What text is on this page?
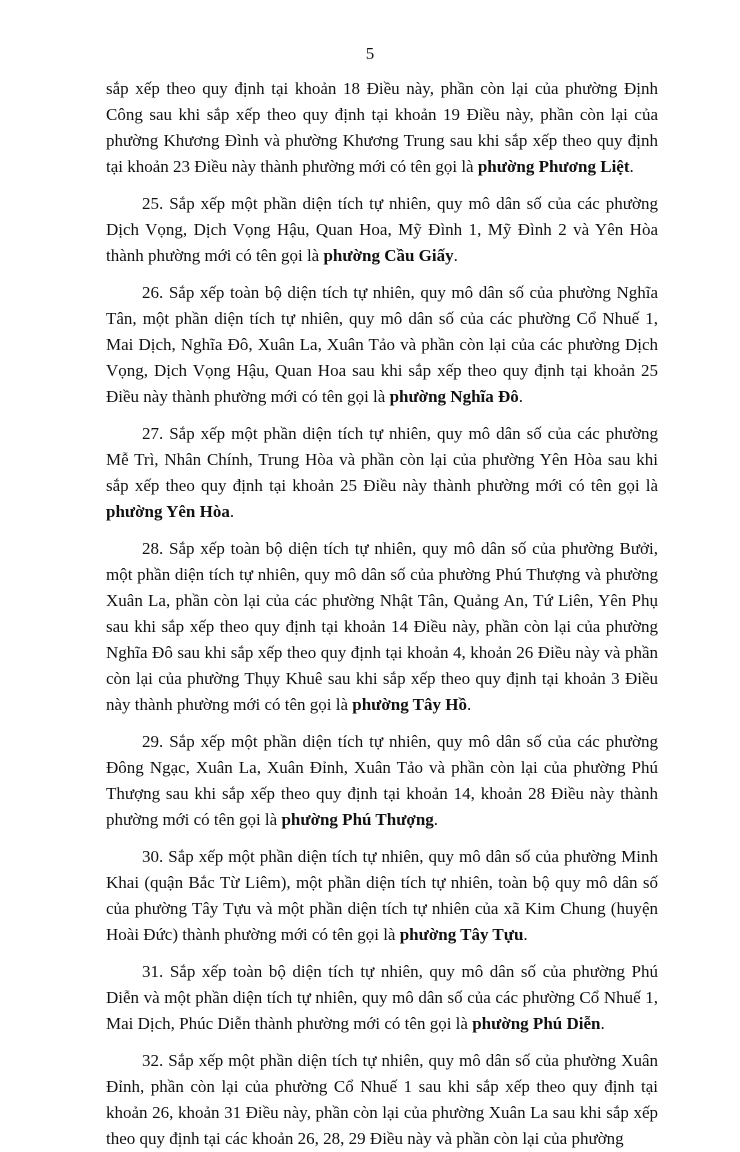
5

sắp xếp theo quy định tại khoản 18 Điều này, phần còn lại của phường Định Công sau khi sắp xếp theo quy định tại khoản 19 Điều này, phần còn lại của phường Khương Đình và phường Khương Trung sau khi sắp xếp theo quy định tại khoản 23 Điều này thành phường mới có tên gọi là phường Phương Liệt.

25. Sắp xếp một phần diện tích tự nhiên, quy mô dân số của các phường Dịch Vọng, Dịch Vọng Hậu, Quan Hoa, Mỹ Đình 1, Mỹ Đình 2 và Yên Hòa thành phường mới có tên gọi là phường Cầu Giấy.

26. Sắp xếp toàn bộ diện tích tự nhiên, quy mô dân số của phường Nghĩa Tân, một phần diện tích tự nhiên, quy mô dân số của các phường Cổ Nhuế 1, Mai Dịch, Nghĩa Đô, Xuân La, Xuân Tảo và phần còn lại của các phường Dịch Vọng, Dịch Vọng Hậu, Quan Hoa sau khi sắp xếp theo quy định tại khoản 25 Điều này thành phường mới có tên gọi là phường Nghĩa Đô.

27. Sắp xếp một phần diện tích tự nhiên, quy mô dân số của các phường Mễ Trì, Nhân Chính, Trung Hòa và phần còn lại của phường Yên Hòa sau khi sắp xếp theo quy định tại khoản 25 Điều này thành phường mới có tên gọi là phường Yên Hòa.

28. Sắp xếp toàn bộ diện tích tự nhiên, quy mô dân số của phường Bưởi, một phần diện tích tự nhiên, quy mô dân số của phường Phú Thượng và phường Xuân La, phần còn lại của các phường Nhật Tân, Quảng An, Tứ Liên, Yên Phụ sau khi sắp xếp theo quy định tại khoản 14 Điều này, phần còn lại của phường Nghĩa Đô sau khi sắp xếp theo quy định tại khoản 4, khoản 26 Điều này và phần còn lại của phường Thụy Khuê sau khi sắp xếp theo quy định tại khoản 3 Điều này thành phường mới có tên gọi là phường Tây Hồ.

29. Sắp xếp một phần diện tích tự nhiên, quy mô dân số của các phường Đông Ngạc, Xuân La, Xuân Đỉnh, Xuân Tảo và phần còn lại của phường Phú Thượng sau khi sắp xếp theo quy định tại khoản 14, khoản 28 Điều này thành phường mới có tên gọi là phường Phú Thượng.

30. Sắp xếp một phần diện tích tự nhiên, quy mô dân số của phường Minh Khai (quận Bắc Từ Liêm), một phần diện tích tự nhiên, toàn bộ quy mô dân số của phường Tây Tựu và một phần diện tích tự nhiên của xã Kim Chung (huyện Hoài Đức) thành phường mới có tên gọi là phường Tây Tựu.

31. Sắp xếp toàn bộ diện tích tự nhiên, quy mô dân số của phường Phú Diễn và một phần diện tích tự nhiên, quy mô dân số của các phường Cổ Nhuế 1, Mai Dịch, Phúc Diễn thành phường mới có tên gọi là phường Phú Diễn.

32. Sắp xếp một phần diện tích tự nhiên, quy mô dân số của phường Xuân Đỉnh, phần còn lại của phường Cổ Nhuế 1 sau khi sắp xếp theo quy định tại khoản 26, khoản 31 Điều này, phần còn lại của phường Xuân La sau khi sắp xếp theo quy định tại các khoản 26, 28, 29 Điều này và phần còn lại của phường
